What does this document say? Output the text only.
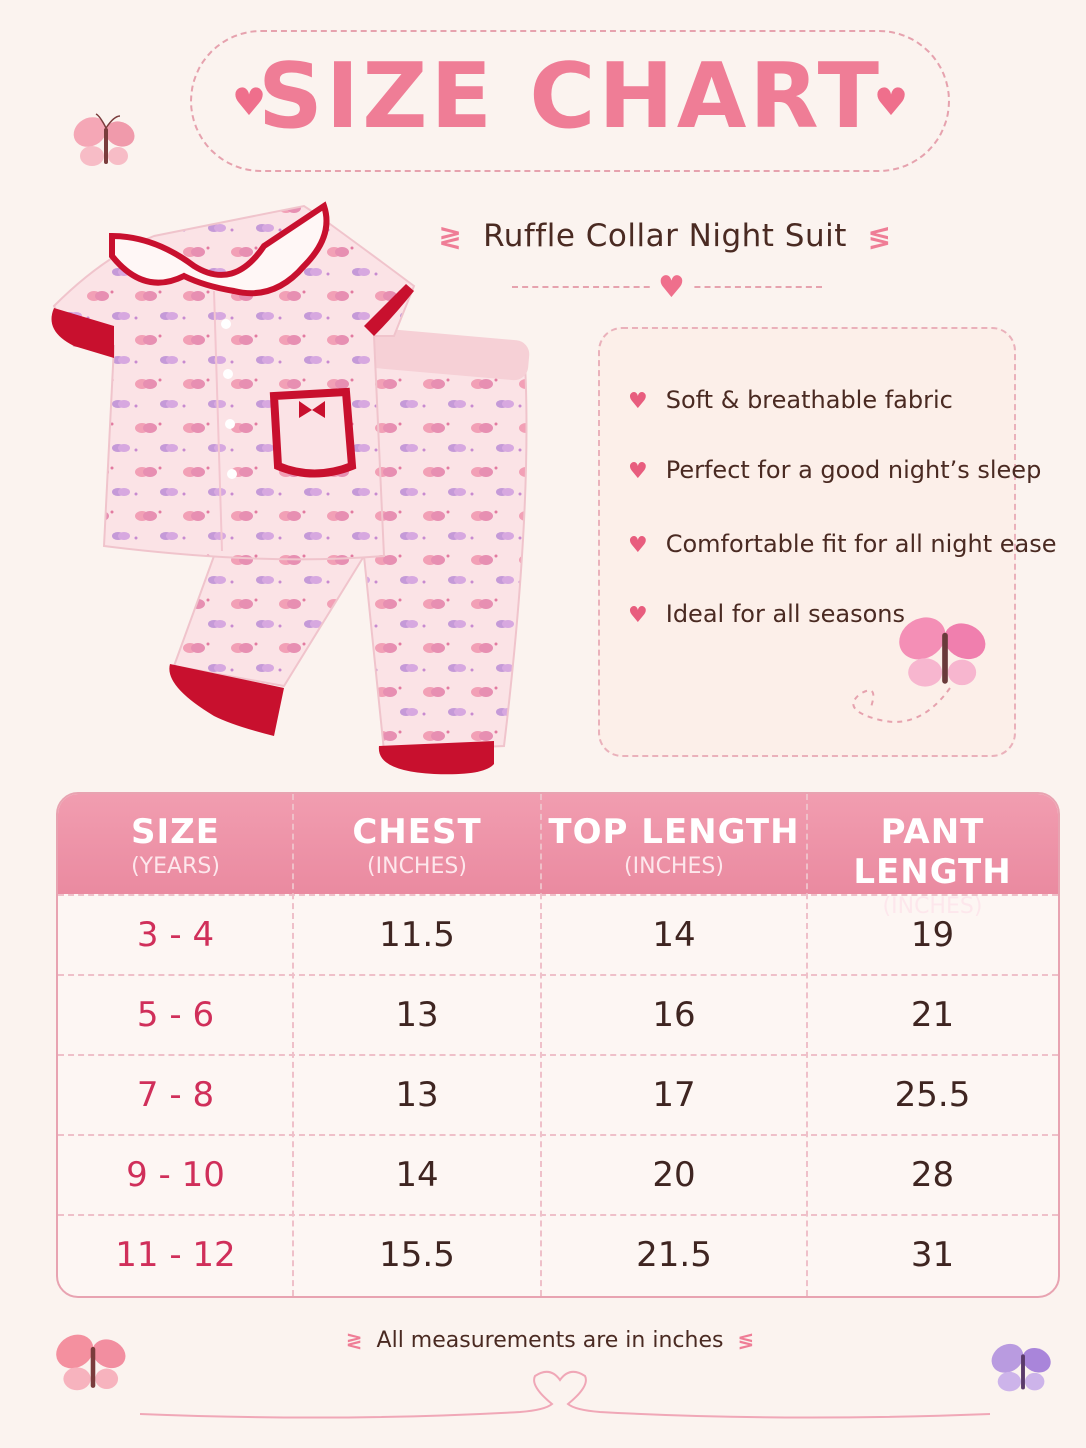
♥	♥
SIZE CHART
≷ Ruffle Collar Night Suit ≶
♥
♥ Soft & breathable fabric
♥ Perfect for a good night’s sleep
♥ Comfortable fit for all night ease
♥ Ideal for all seasons
SIZE
(YEARS)
CHEST
(INCHES)
TOP LENGTH
(INCHES)
PANT LENGTH
(INCHES)
3 - 4	11.5	14	19
5 - 6	13	16	21
7 - 8	13	17	25.5
9 - 10	14	20	28
11 - 12	15.5	21.5	31
≷ All measurements are in inches ≶
